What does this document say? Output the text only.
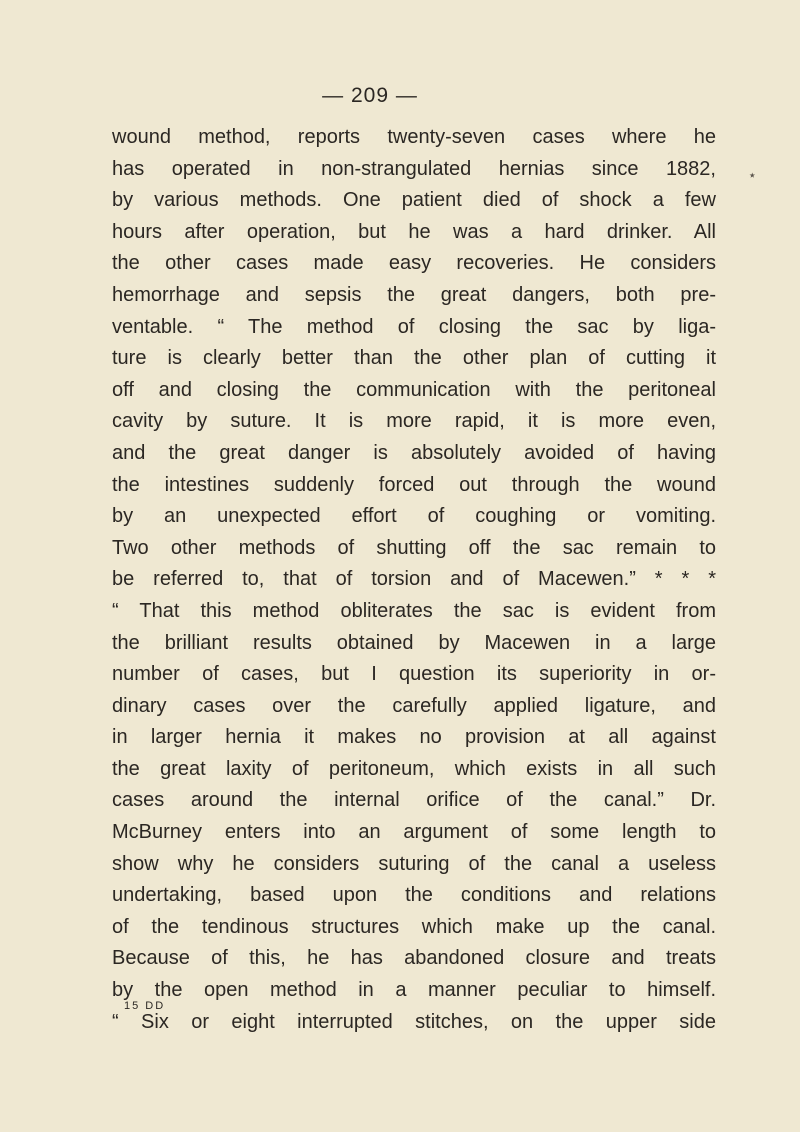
— 209 —
٭
wound method, reports twenty-seven cases where he
has operated in non-strangulated hernias since 1882,
by various methods. One patient died of shock a few
hours after operation, but he was a hard drinker. All
the other cases made easy recoveries. He considers
hemorrhage and sepsis the great dangers, both pre-
ventable. “ The method of closing the sac by liga-
ture is clearly better than the other plan of cutting it
off and closing the communication with the peritoneal
cavity by suture. It is more rapid, it is more even,
and the great danger is absolutely avoided of having
the intestines suddenly forced out through the wound
by an unexpected effort of coughing or vomiting.
Two other methods of shutting off the sac remain to
be referred to, that of torsion and of Macewen.” * * *
“ That this method obliterates the sac is evident from
the brilliant results obtained by Macewen in a large
number of cases, but I question its superiority in or-
dinary cases over the carefully applied ligature, and
in larger hernia it makes no provision at all against
the great laxity of peritoneum, which exists in all such
cases around the internal orifice of the canal.” Dr.
McBurney enters into an argument of some length to
show why he considers suturing of the canal a useless
undertaking, based upon the conditions and relations
of the tendinous structures which make up the canal.
Because of this, he has abandoned closure and treats
by the open method in a manner peculiar to himself.
“ Six or eight interrupted stitches, on the upper side
15 DD
